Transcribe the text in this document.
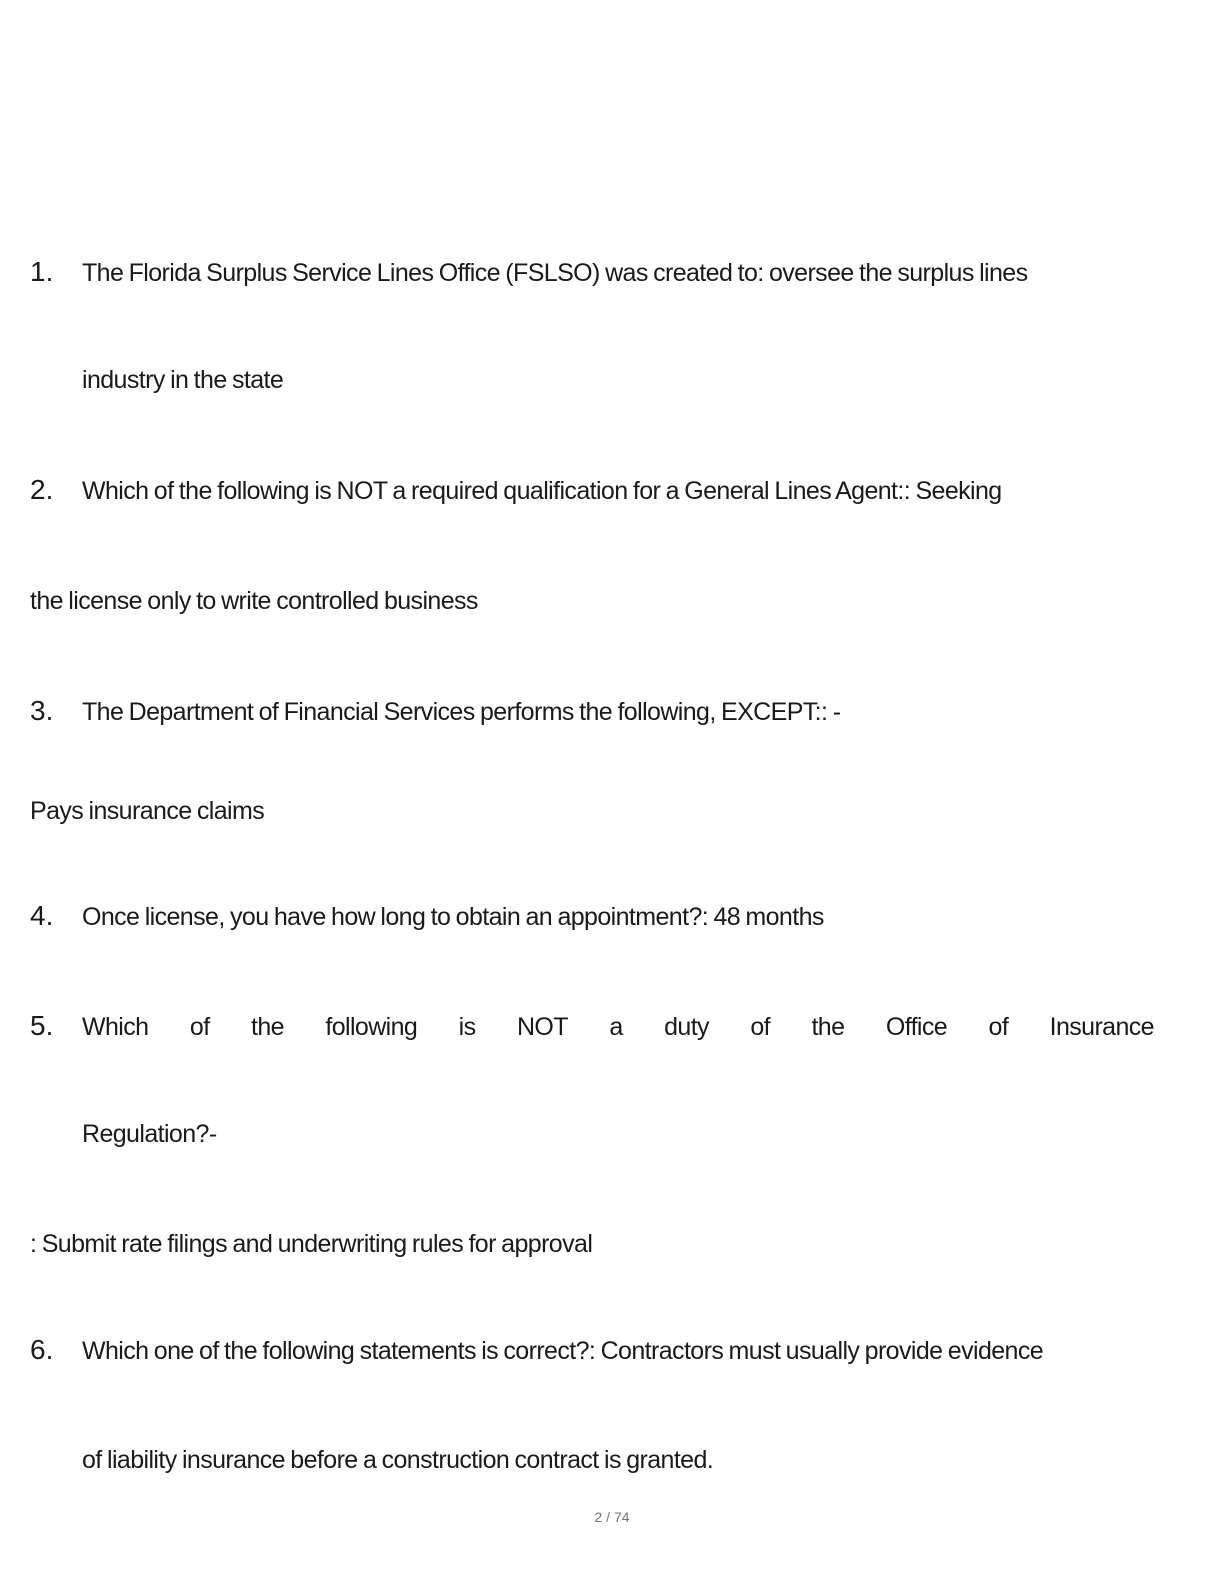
1. The Florida Surplus Service Lines Office (FSLSO) was created to: oversee the surplus lines
industry in the state
2. Which of the following is NOT a required qualification for a General Lines Agent:: Seeking
the license only to write controlled business
3. The Department of Financial Services performs the following, EXCEPT:: -
Pays insurance claims
4. Once license, you have how long to obtain an appointment?: 48 months
5. Which of the following is NOT a duty of the Office of Insurance
Regulation?-
: Submit rate filings and underwriting rules for approval
6. Which one of the following statements is correct?: Contractors must usually provide evidence
of liability insurance before a construction contract is granted.
2 / 74
